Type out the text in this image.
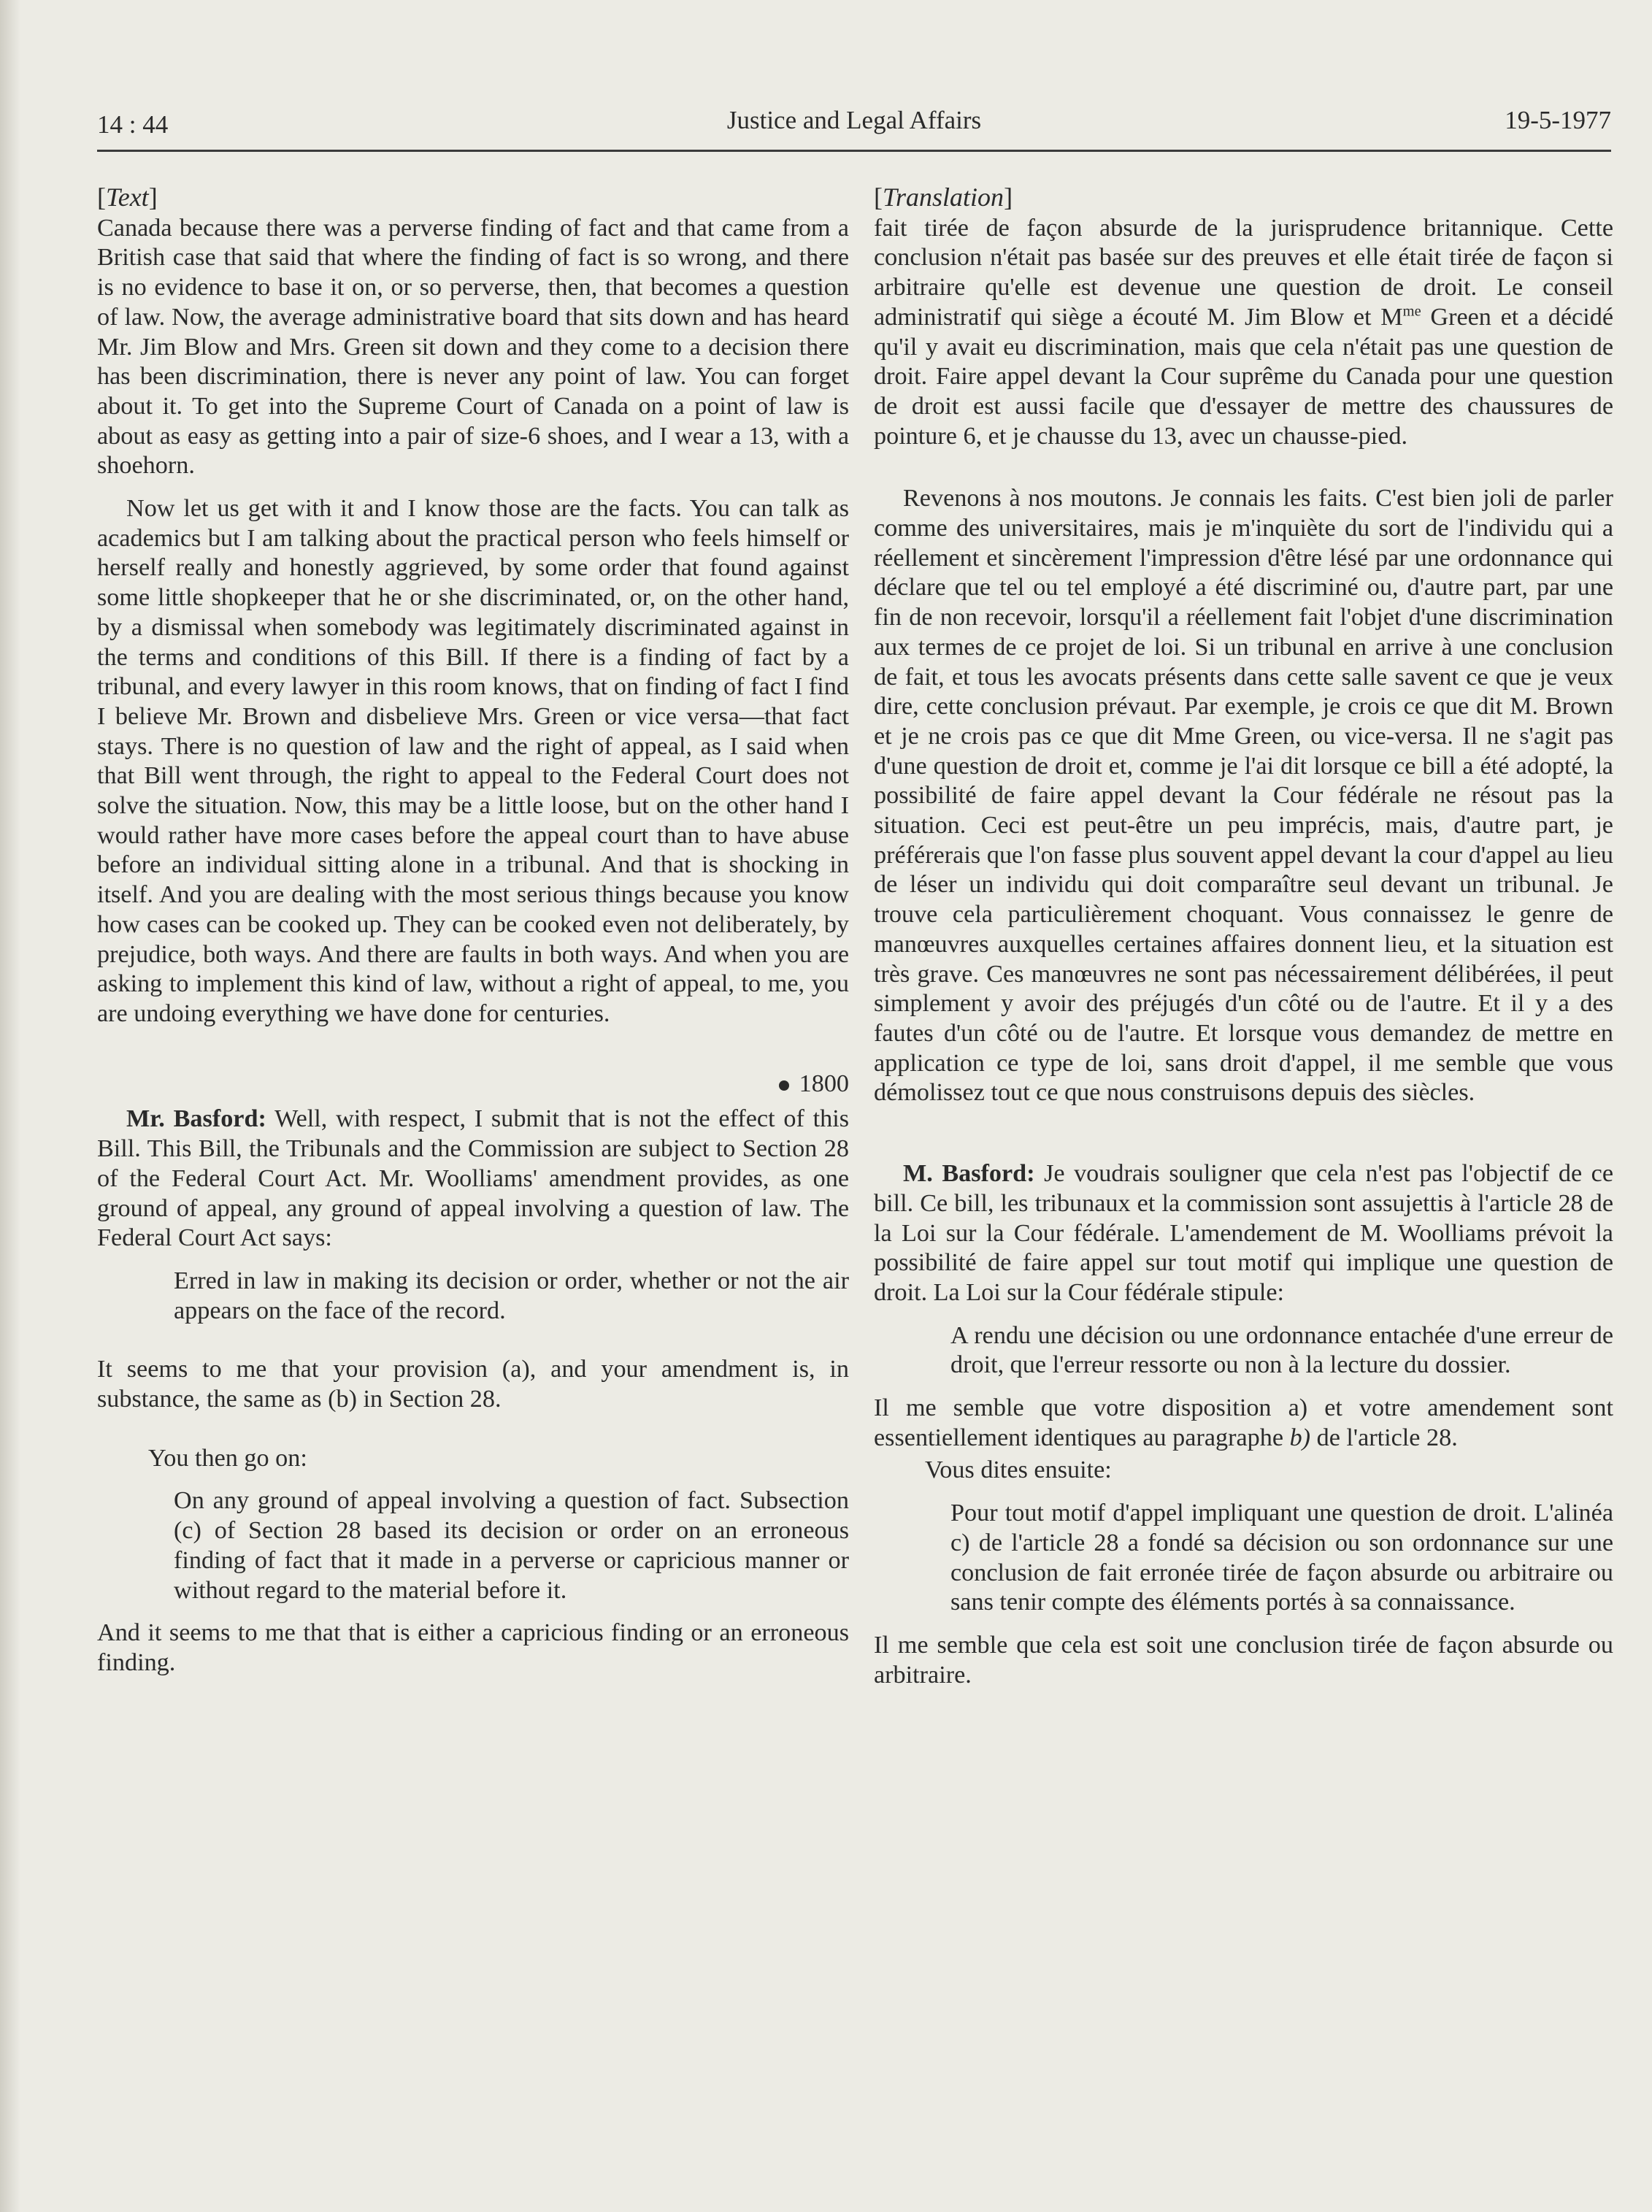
14 : 44	Justice and Legal Affairs	19-5-1977
[Text]

Canada because there was a perverse finding of fact and that came from a British case that said that where the finding of fact is so wrong, and there is no evidence to base it on, or so perverse, then, that becomes a question of law. Now, the average administrative board that sits down and has heard Mr. Jim Blow and Mrs. Green sit down and they come to a decision there has been discrimination, there is never any point of law. You can forget about it. To get into the Supreme Court of Canada on a point of law is about as easy as getting into a pair of size-6 shoes, and I wear a 13, with a shoehorn.

Now let us get with it and I know those are the facts. You can talk as academics but I am talking about the practical person who feels himself or herself really and honestly aggrieved, by some order that found against some little shopkeeper that he or she discriminated, or, on the other hand, by a dismissal when somebody was legitimately discriminated against in the terms and conditions of this Bill. If there is a finding of fact by a tribunal, and every lawyer in this room knows, that on finding of fact I find I believe Mr. Brown and disbelieve Mrs. Green or vice versa—that fact stays. There is no question of law and the right of appeal, as I said when that Bill went through, the right to appeal to the Federal Court does not solve the situation. Now, this may be a little loose, but on the other hand I would rather have more cases before the appeal court than to have abuse before an individual sitting alone in a tribunal. And that is shocking in itself. And you are dealing with the most serious things because you know how cases can be cooked up. They can be cooked even not deliberately, by prejudice, both ways. And there are faults in both ways. And when you are asking to implement this kind of law, without a right of appeal, to me, you are undoing everything we have done for centuries.

1800

Mr. Basford: Well, with respect, I submit that is not the effect of this Bill. This Bill, the Tribunals and the Commission are subject to Section 28 of the Federal Court Act. Mr. Woolliams' amendment provides, as one ground of appeal, any ground of appeal involving a question of law. The Federal Court Act says:

Erred in law in making its decision or order, whether or not the air appears on the face of the record.

It seems to me that your provision (a), and your amendment is, in substance, the same as (b) in Section 28.

You then go on:

On any ground of appeal involving a question of fact. Subsection (c) of Section 28 based its decision or order on an erroneous finding of fact that it made in a perverse or capricious manner or without regard to the material before it.

And it seems to me that that is either a capricious finding or an erroneous finding.

[Translation]

fait tirée de façon absurde de la jurisprudence britannique. Cette conclusion n'était pas basée sur des preuves et elle était tirée de façon si arbitraire qu'elle est devenue une question de droit. Le conseil administratif qui siège a écouté M. Jim Blow et $M^{me}$ Green et a décidé qu'il y avait eu discrimination, mais que cela n'était pas une question de droit. Faire appel devant la Cour suprême du Canada pour une question de droit est aussi facile que d'essayer de mettre des chaussures de pointure 6, et je chausse du 13, avec un chausse-pied.

Revenons à nos moutons. Je connais les faits. C'est bien joli de parler comme des universitaires, mais je m'inquiète du sort de l'individu qui a réellement et sincèrement l'impression d'être lésé par une ordonnance qui déclare que tel ou tel employé a été discriminé ou, d'autre part, par une fin de non recevoir, lorsqu'il a réellement fait l'objet d'une discrimination aux termes de ce projet de loi. Si un tribunal en arrive à une conclusion de fait, et tous les avocats présents dans cette salle savent ce que je veux dire, cette conclusion prévaut. Par exemple, je crois ce que dit M. Brown et je ne crois pas ce que dit Mme Green, ou vice-versa. Il ne s'agit pas d'une question de droit et, comme je l'ai dit lorsque ce bill a été adopté, la possibilité de faire appel devant la Cour fédérale ne résout pas la situation. Ceci est peut-être un peu imprécis, mais, d'autre part, je préférerais que l'on fasse plus souvent appel devant la cour d'appel au lieu de léser un individu qui doit comparaître seul devant un tribunal. Je trouve cela particulièrement choquant. Vous connaissez le genre de manœuvres auxquelles certaines affaires donnent lieu, et la situation est très grave. Ces manœuvres ne sont pas nécessairement délibérées, il peut simplement y avoir des préjugés d'un côté ou de l'autre. Et il y a des fautes d'un côté ou de l'autre. Et lorsque vous demandez de mettre en application ce type de loi, sans droit d'appel, il me semble que vous démolissez tout ce que nous construisons depuis des siècles.

M. Basford: Je voudrais souligner que cela n'est pas l'objectif de ce bill. Ce bill, les tribunaux et la commission sont assujettis à l'article 28 de la Loi sur la Cour fédérale. L'amendement de M. Woolliams prévoit la possibilité de faire appel sur tout motif qui implique une question de droit. La Loi sur la Cour fédérale stipule:

A rendu une décision ou une ordonnance entachée d'une erreur de droit, que l'erreur ressorte ou non à la lecture du dossier.

Il me semble que votre disposition a) et votre amendement sont essentiellement identiques au paragraphe b) de l'article 28.

Vous dites ensuite:

Pour tout motif d'appel impliquant une question de droit. L'alinéa c) de l'article 28 a fondé sa décision ou son ordonnance sur une conclusion de fait erronée tirée de façon absurde ou arbitraire ou sans tenir compte des éléments portés à sa connaissance.

Il me semble que cela est soit une conclusion tirée de façon absurde ou arbitraire.
